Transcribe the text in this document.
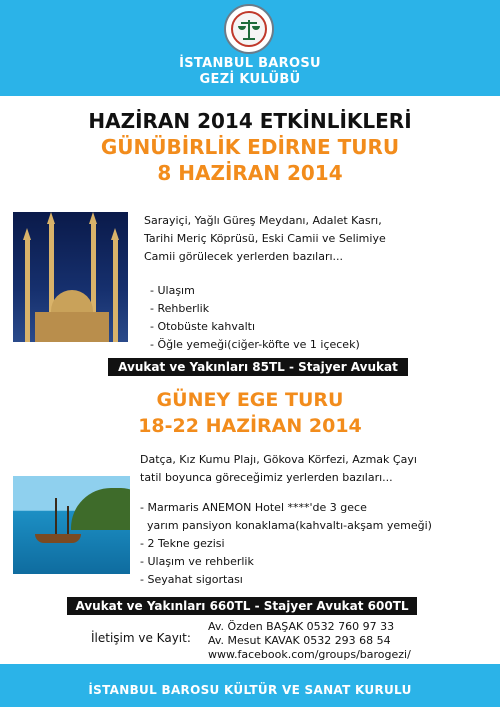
İSTANBUL BAROSU
GEZİ KULÜBÜ
HAZİRAN 2014 ETKİNLİKLERİ
GÜNÜBİRLİK EDİRNE TURU
8 HAZİRAN 2014
Sarayiçi, Yağlı Güreş Meydanı, Adalet Kasrı,
Tarihi Meriç Köprüsü, Eski Camii ve Selimiye
Camii görülecek yerlerden bazıları...
- Ulaşım
- Rehberlik
- Otobüste kahvaltı
- Öğle yemeği(ciğer-köfte ve 1 içecek)
Avukat ve Yakınları 85TL - Stajyer Avukat 75TL
GÜNEY EGE TURU
18-22 HAZİRAN 2014
Datça, Kız Kumu Plajı, Gökova Körfezi, Azmak Çayı
tatil boyunca göreceğimiz yerlerden bazıları...
- Marmaris ANEMON Hotel ****'de 3 gece
yarım pansiyon konaklama(kahvaltı-akşam yemeği)
- 2 Tekne gezisi
- Ulaşım ve rehberlik
- Seyahat sigortası
Avukat ve Yakınları 660TL - Stajyer Avukat 600TL
İletişim ve Kayıt:
Av. Özden BAŞAK 0532 760 97 33
Av. Mesut KAVAK 0532 293 68 54
www.facebook.com/groups/barogezi/
İSTANBUL BAROSU KÜLTÜR VE SANAT KURULU
